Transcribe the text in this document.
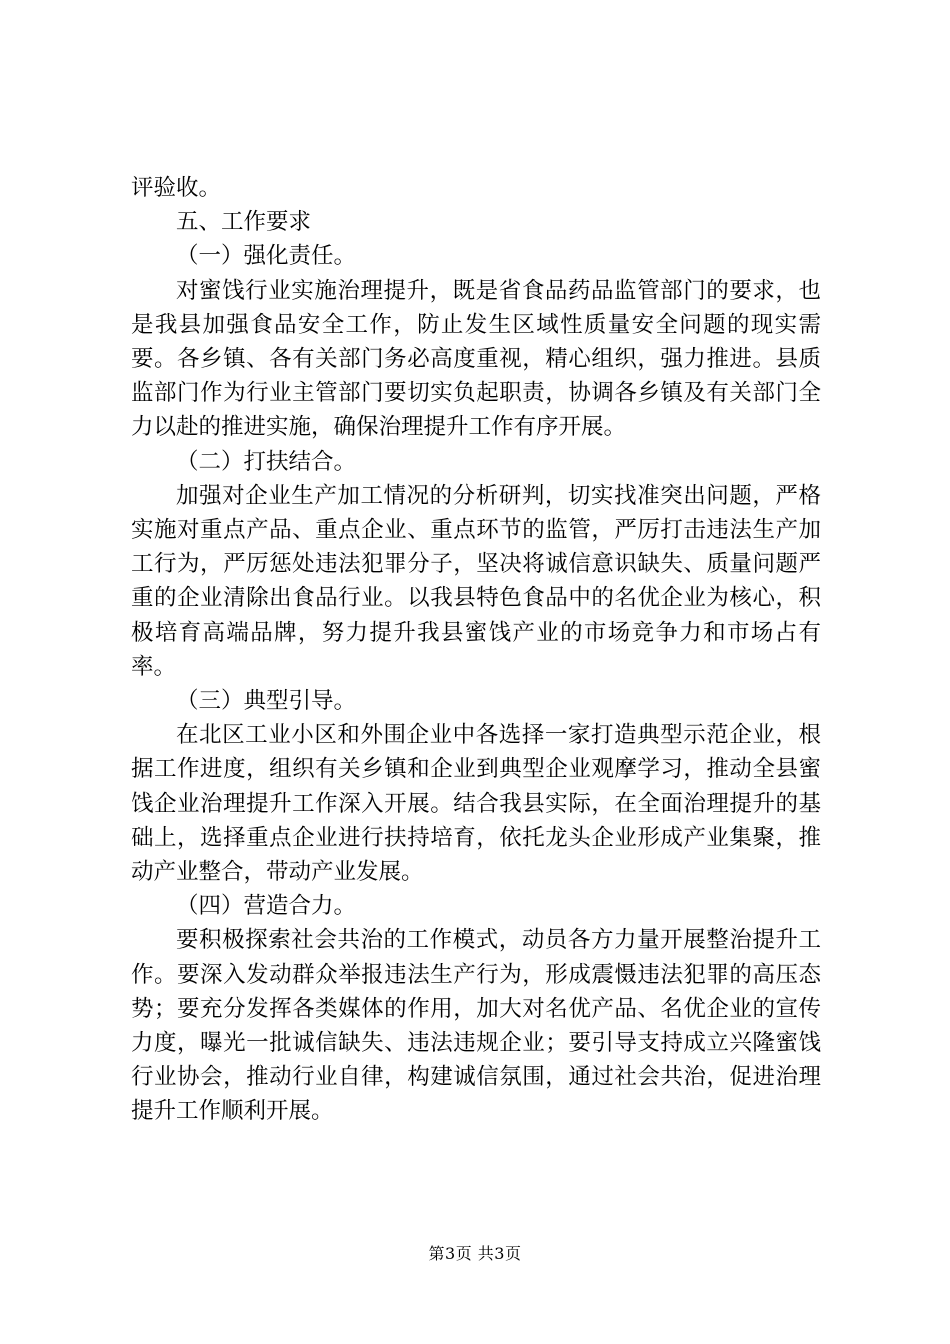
评验收。

五、工作要求

（一）强化责任。

对蜜饯行业实施治理提升，既是省食品药品监管部门的要求，也是我县加强食品安全工作，防止发生区域性质量安全问题的现实需要。各乡镇、各有关部门务必高度重视，精心组织，强力推进。县质监部门作为行业主管部门要切实负起职责，协调各乡镇及有关部门全力以赴的推进实施，确保治理提升工作有序开展。

（二）打扶结合。

加强对企业生产加工情况的分析研判，切实找准突出问题，严格实施对重点产品、重点企业、重点环节的监管，严厉打击违法生产加工行为，严厉惩处违法犯罪分子，坚决将诚信意识缺失、质量问题严重的企业清除出食品行业。以我县特色食品中的名优企业为核心，积极培育高端品牌，努力提升我县蜜饯产业的市场竞争力和市场占有率。

（三）典型引导。

在北区工业小区和外围企业中各选择一家打造典型示范企业，根据工作进度，组织有关乡镇和企业到典型企业观摩学习，推动全县蜜饯企业治理提升工作深入开展。结合我县实际，在全面治理提升的基础上，选择重点企业进行扶持培育，依托龙头企业形成产业集聚，推动产业整合，带动产业发展。

（四）营造合力。

要积极探索社会共治的工作模式，动员各方力量开展整治提升工作。要深入发动群众举报违法生产行为，形成震慑违法犯罪的高压态势；要充分发挥各类媒体的作用，加大对名优产品、名优企业的宣传力度，曝光一批诚信缺失、违法违规企业；要引导支持成立兴隆蜜饯行业协会，推动行业自律，构建诚信氛围，通过社会共治，促进治理提升工作顺利开展。

第3页 共3页
